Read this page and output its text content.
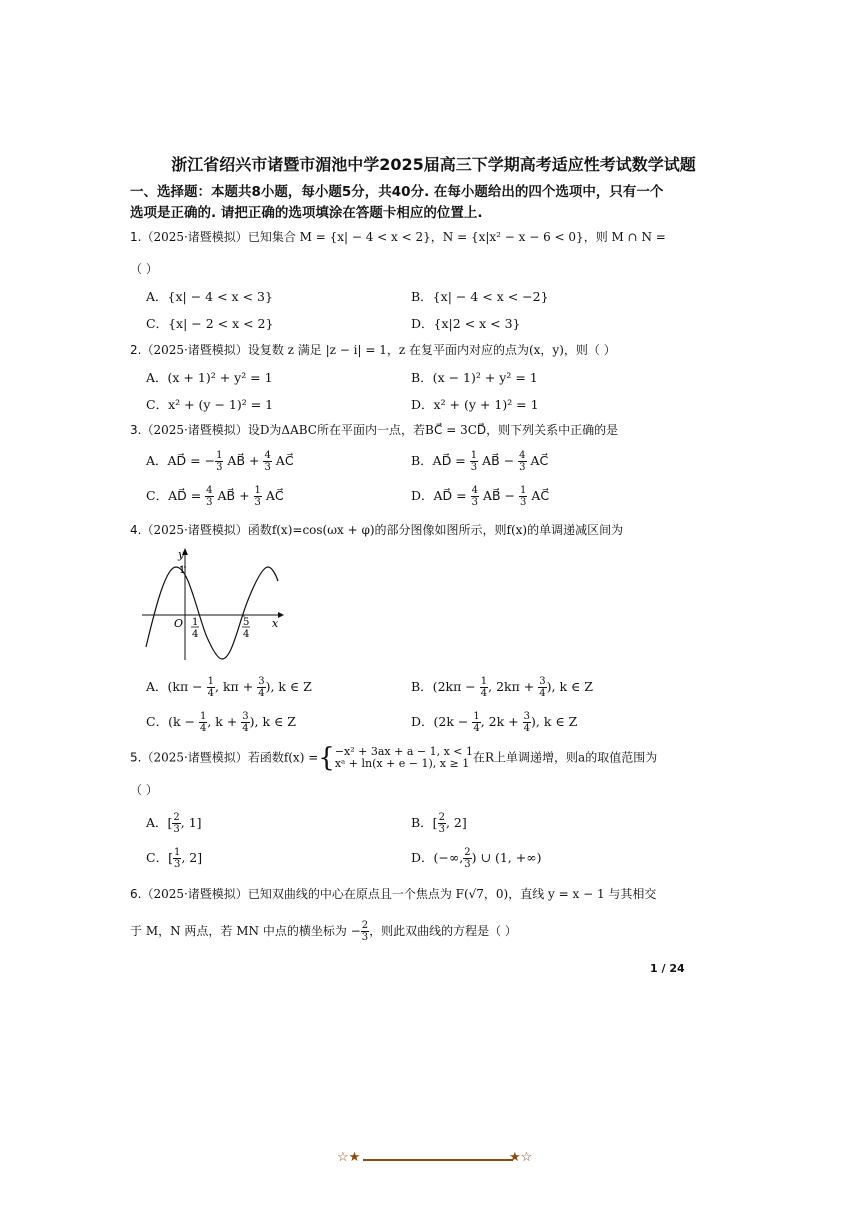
浙江省绍兴市诸暨市湄池中学2025届高三下学期高考适应性考试数学试题
一、选择题：本题共8小题，每小题5分，共40分. 在每小题给出的四个选项中，只有一个
选项是正确的. 请把正确的选项填涂在答题卡相应的位置上.
1.（2025·诸暨模拟）已知集合 M = {x| − 4 < x < 2}，N = {x|x² − x − 6 < 0}，则 M ∩ N =
（ ）
A．{x| − 4 < x < 3}	B．{x| − 4 < x < −2}
C．{x| − 2 < x < 2}	D．{x|2 < x < 3}
2.（2025·诸暨模拟）设复数 z 满足 |z − i| = 1，z 在复平面内对应的点为(x，y)，则（ ）
A．(x + 1)² + y² = 1	B．(x − 1)² + y² = 1
C．x² + (y − 1)² = 1	D．x² + (y + 1)² = 1
3.（2025·诸暨模拟）设D为ΔABC所在平面内一点，若BC⃗ = 3CD⃗，则下列关系中正确的是
A．AD⃗ = − $\frac{1}{3}$ AB⃗ + $\frac{4}{3}$ AC⃗	B．AD⃗ = $\frac{1}{3}$ AB⃗ − $\frac{4}{3}$ AC⃗
C．AD⃗ = $\frac{4}{3}$ AB⃗ + $\frac{1}{3}$ AC⃗	D．AD⃗ = $\frac{4}{3}$ AB⃗ − $\frac{1}{3}$ AC⃗
4.（2025·诸暨模拟）函数f(x)=cos(ωx + φ)的部分图像如图所示，则f(x)的单调递减区间为
y
1
O	x
1
4
5
4
A．($k\pi - \frac{1}{4}$ , $k\pi + \frac{3}{4}$ ), k ∈ Z	B．($2k\pi - \frac{1}{4}$ , $2k\pi + \frac{3}{4}$ ), k ∈ Z
C．($k - \frac{1}{4}$ , $k + \frac{3}{4}$ ), k ∈ Z	D．($2k - \frac{1}{4}$ , $2k + \frac{3}{4}$ ), k ∈ Z
5.（2025·诸暨模拟）若函数f(x) ={ −x² + 3ax + a − 1, x < 1
xᵃ + ln(x + e − 1), x ≥ 1 在R上单调递增，则a的取值范围为
（ ）
A．[ $\frac{2}{3}$ , 1]	B．[ $\frac{2}{3}$ , 2]
C．[ $\frac{1}{3}$ , 2]	D．(−∞, $\frac{2}{3}$ ) ∪ (1, +∞)
6.（2025·诸暨模拟）已知双曲线的中心在原点且一个焦点为 F(√7，0)，直线 y = x − 1 与其相交
于 M，N 两点，若 MN 中点的横坐标为 − $\frac{2}{3}$ ，则此双曲线的方程是（ ）
1 / 24
☆★	★☆
